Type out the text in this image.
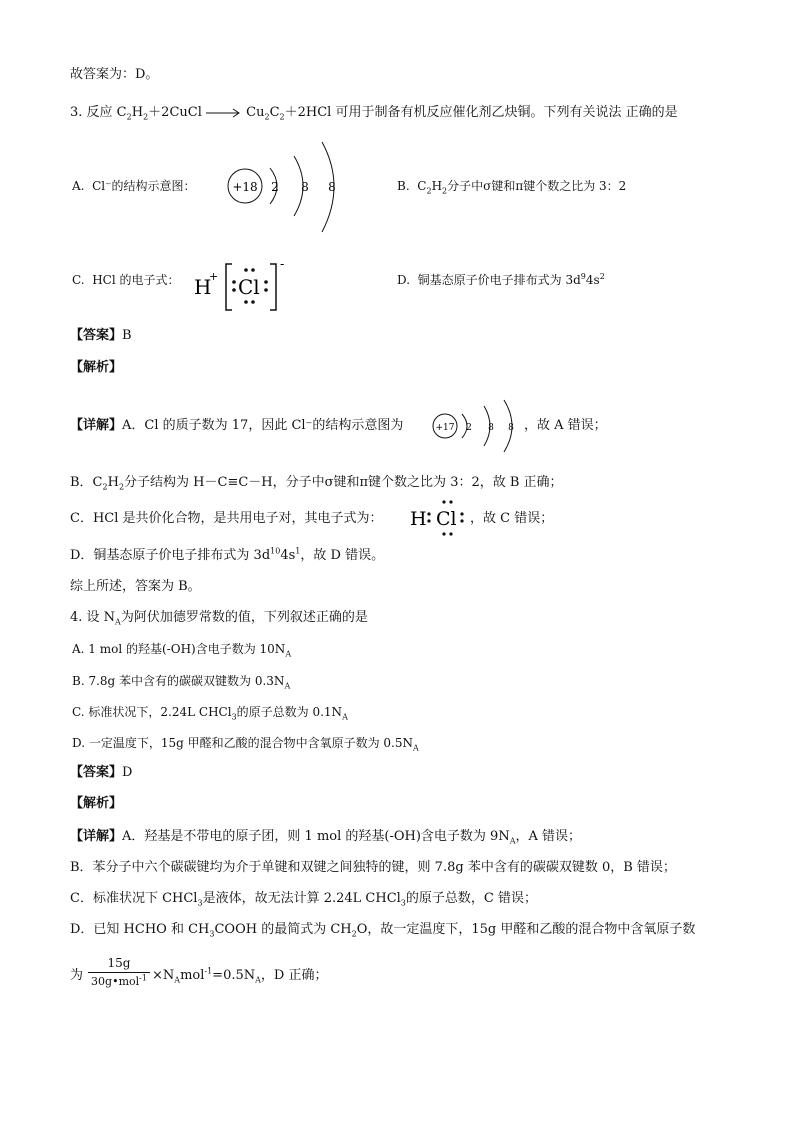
故答案为：D。
3. 反应 $C_2H_2+2CuCl \to Cu_2C_2+2HCl$ 可用于制备有机反应催化剂乙炔铜。下列有关说法 正确的是
A. Cl⁻的结构示意图：	+18 2 8 8	B. $C_2H_2$分子中σ键和π键个数之比为 3：2
C. HCl 的电子式： H
+ Cl
-
D. 铜基态原子价电子排布式为 $3d^94s^2$
【答案】B
【解析】
【详解】A．Cl 的质子数为 17，因此 Cl⁻的结构示意图为	+17 2 8 8 ，故 A 错误；
B．$C_2H_2$分子结构为 H－C≡C－H，分子中σ键和π键个数之比为 3：2，故 B 正确；
C．HCl 是共价化合物，是共用电子对，其电子式为： H Cl ，故 C 错误；
D．铜基态原子价电子排布式为 $3d^{10}4s^1$，故 D 错误。
综上所述，答案为 B。
4. 设 $N_A$为阿伏加德罗常数的值，下列叙述正确的是
A. 1 mol 的羟基(-OH)含电子数为 $10N_A$
B. 7.8g 苯中含有的碳碳双键数为 $0.3N_A$
C. 标准状况下，2.24L CHCl$_3$的原子总数为 $0.1N_A$
D. 一定温度下，15g 甲醛和乙酸的混合物中含氧原子数为 $0.5N_A$
【答案】D
【解析】
【详解】A．羟基是不带电的原子团，则 1 mol 的羟基(-OH)含电子数为 $9N_A$，A 错误；
B．苯分子中六个碳碳键均为介于单键和双键之间独特的键，则 7.8g 苯中含有的碳碳双键数 0，B 错误；
C．标准状况下 CHCl$_3$是液体，故无法计算 2.24L CHCl$_3$的原子总数，C 错误；
D．已知 HCHO 和 $CH_3COOH$ 的最简式为 $CH_2O$，故一定温度下，15g 甲醛和乙酸的混合物中含氧原子数
为
15g
30g•mol$^{-1}$ $\times N_Amol^{-1}=0.5N_A$，D 正确；
